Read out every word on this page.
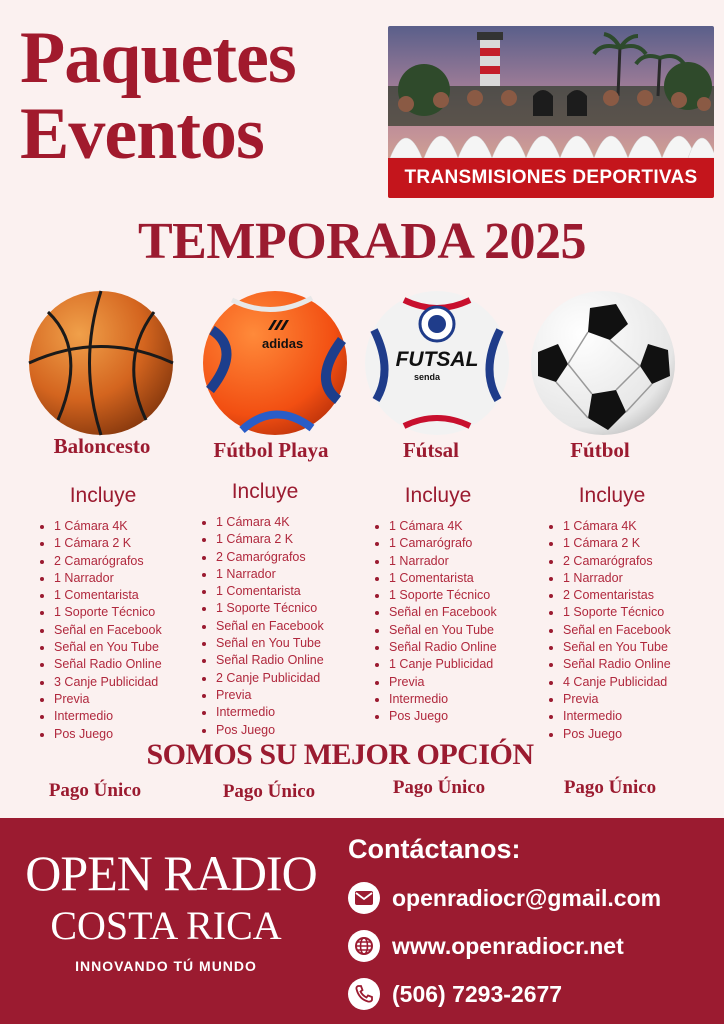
Paquetes
Eventos
TRANSMISIONES DEPORTIVAS
TEMPORADA 2025
adidas
FUTSAL
senda
Baloncesto	Fútbol Playa	Fútsal	Fútbol
Incluye
1 Cámara 4K
1 Cámara 2 K
2 Camarógrafos
1 Narrador
1 Comentarista
1 Soporte Técnico
Señal en Facebook
Señal en You Tube
Señal Radio Online
3 Canje Publicidad
Previa
Intermedio
Pos Juego
Incluye
1 Cámara 4K
1 Cámara 2 K
2 Camarógrafos
1 Narrador
1 Comentarista
1 Soporte Técnico
Señal en Facebook
Señal en You Tube
Señal Radio Online
2 Canje Publicidad
Previa
Intermedio
Pos Juego
Incluye
1 Cámara 4K
1 Camarógrafo
1 Narrador
1 Comentarista
1 Soporte Técnico
Señal en Facebook
Señal en You Tube
Señal Radio Online
1 Canje Publicidad
Previa
Intermedio
Pos Juego
Incluye
1 Cámara 4K
1 Cámara 2 K
2 Camarógrafos
1 Narrador
2 Comentaristas
1 Soporte Técnico
Señal en Facebook
Señal en You Tube
Señal Radio Online
4 Canje Publicidad
Previa
Intermedio
Pos Juego
SOMOS SU MEJOR OPCIÓN
Pago Único	Pago Único	Pago Único	Pago Único
OPEN RADIO
COSTA RICA
INNOVANDO TÚ MUNDO
Contáctanos:
openradiocr@gmail.com
www.openradiocr.net
(506) 7293-2677
